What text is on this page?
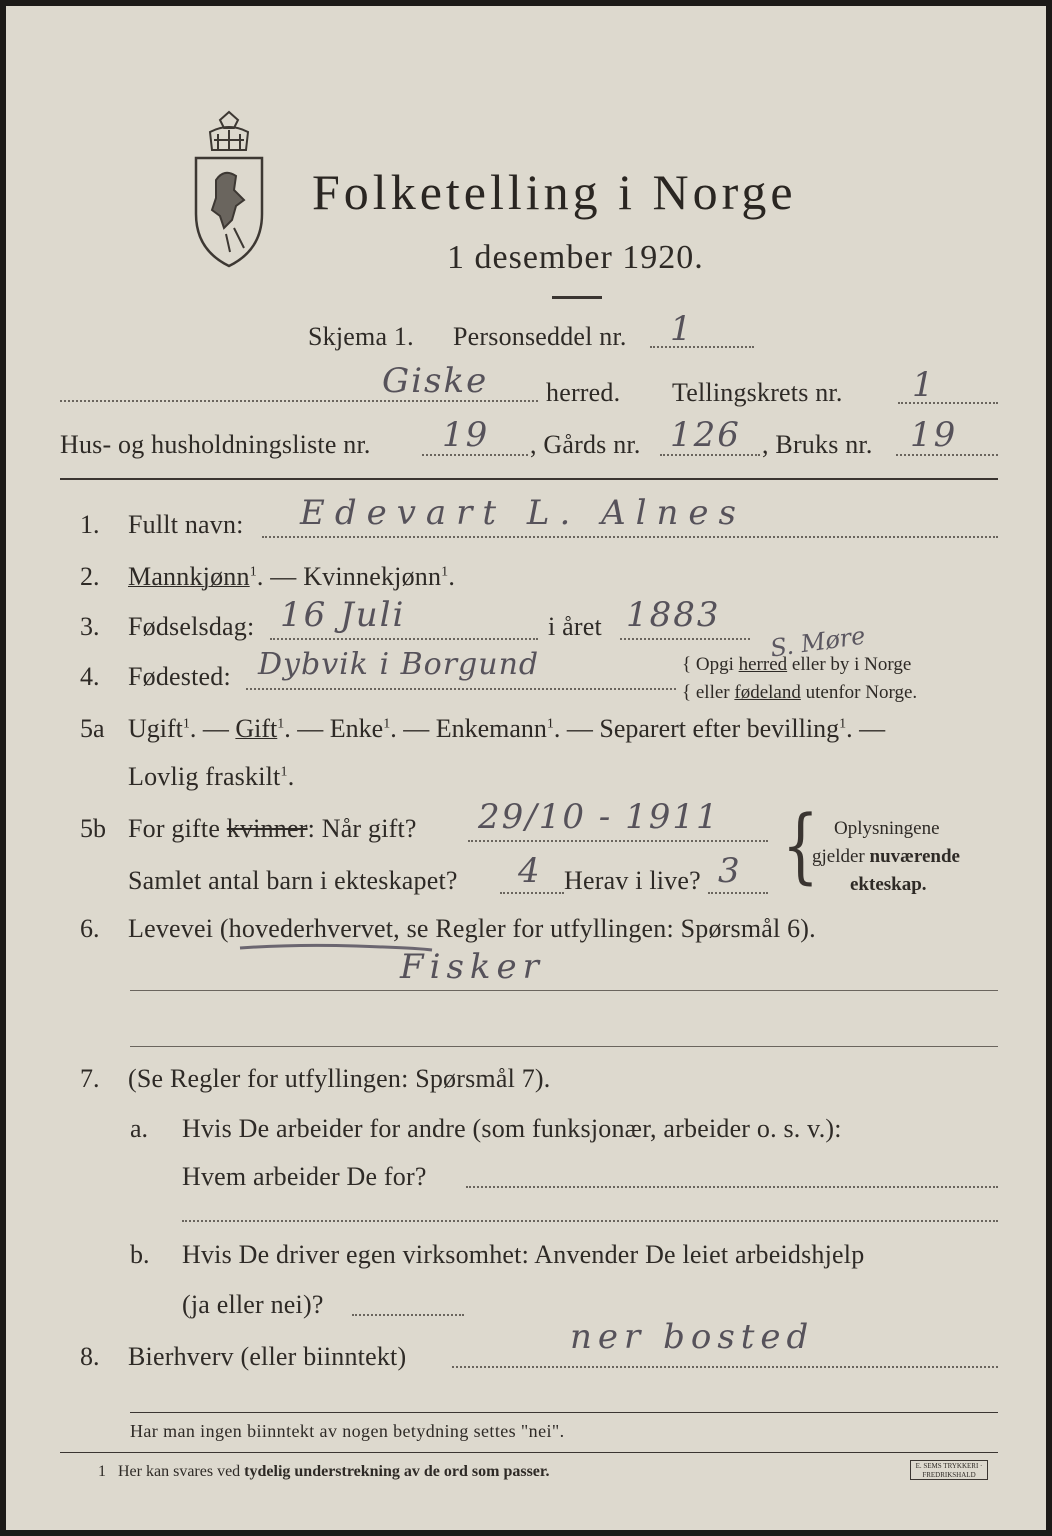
Folketelling i Norge
1 desember 1920.
Skjema 1. Personseddel nr. 1
Giske herred. Tellingskrets nr. 1
Hus- og husholdningsliste nr. 19 , Gårds nr. 126 , Bruks nr. 19
1. Fullt navn: Edevart L. Alnes
2. Mannkjønn$^1$. — Kvinnekjønn$^1$.
3. Fødselsdag: 16 Juli	i året 1883
S. Møre
4. Fødested: Dybvik i Borgund	{ Opgi herred eller by i Norge
{ eller fødeland utenfor Norge.
5a Ugift$^1$. — Gift$^1$. — Enke$^1$. — Enkemann$^1$. — Separert efter bevilling$^1$. —
Lovlig fraskilt$^1$.
5b For gifte kvinner: Når gift? 29/10 - 1911
Samlet antal barn i ekteskapet? 4 Herav i live? 3 { Oplysningene
gjelder nuværende
ekteskap.
6. Levevei (hovederhvervet, se Regler for utfyllingen: Spørsmål 6).
Fisker
7. (Se Regler for utfyllingen: Spørsmål 7).
a. Hvis De arbeider for andre (som funksjonær, arbeider o. s. v.):
Hvem arbeider De for?
b. Hvis De driver egen virksomhet: Anvender De leiet arbeidshjelp
(ja eller nei)?
8. Bierhverv (eller biinntekt)	ner bosted
Har man ingen biinntekt av nogen betydning settes "nei".
1 Her kan svares ved tydelig understrekning av de ord som passer.	E. SEMS TRYKKERI · FREDRIKSHALD
